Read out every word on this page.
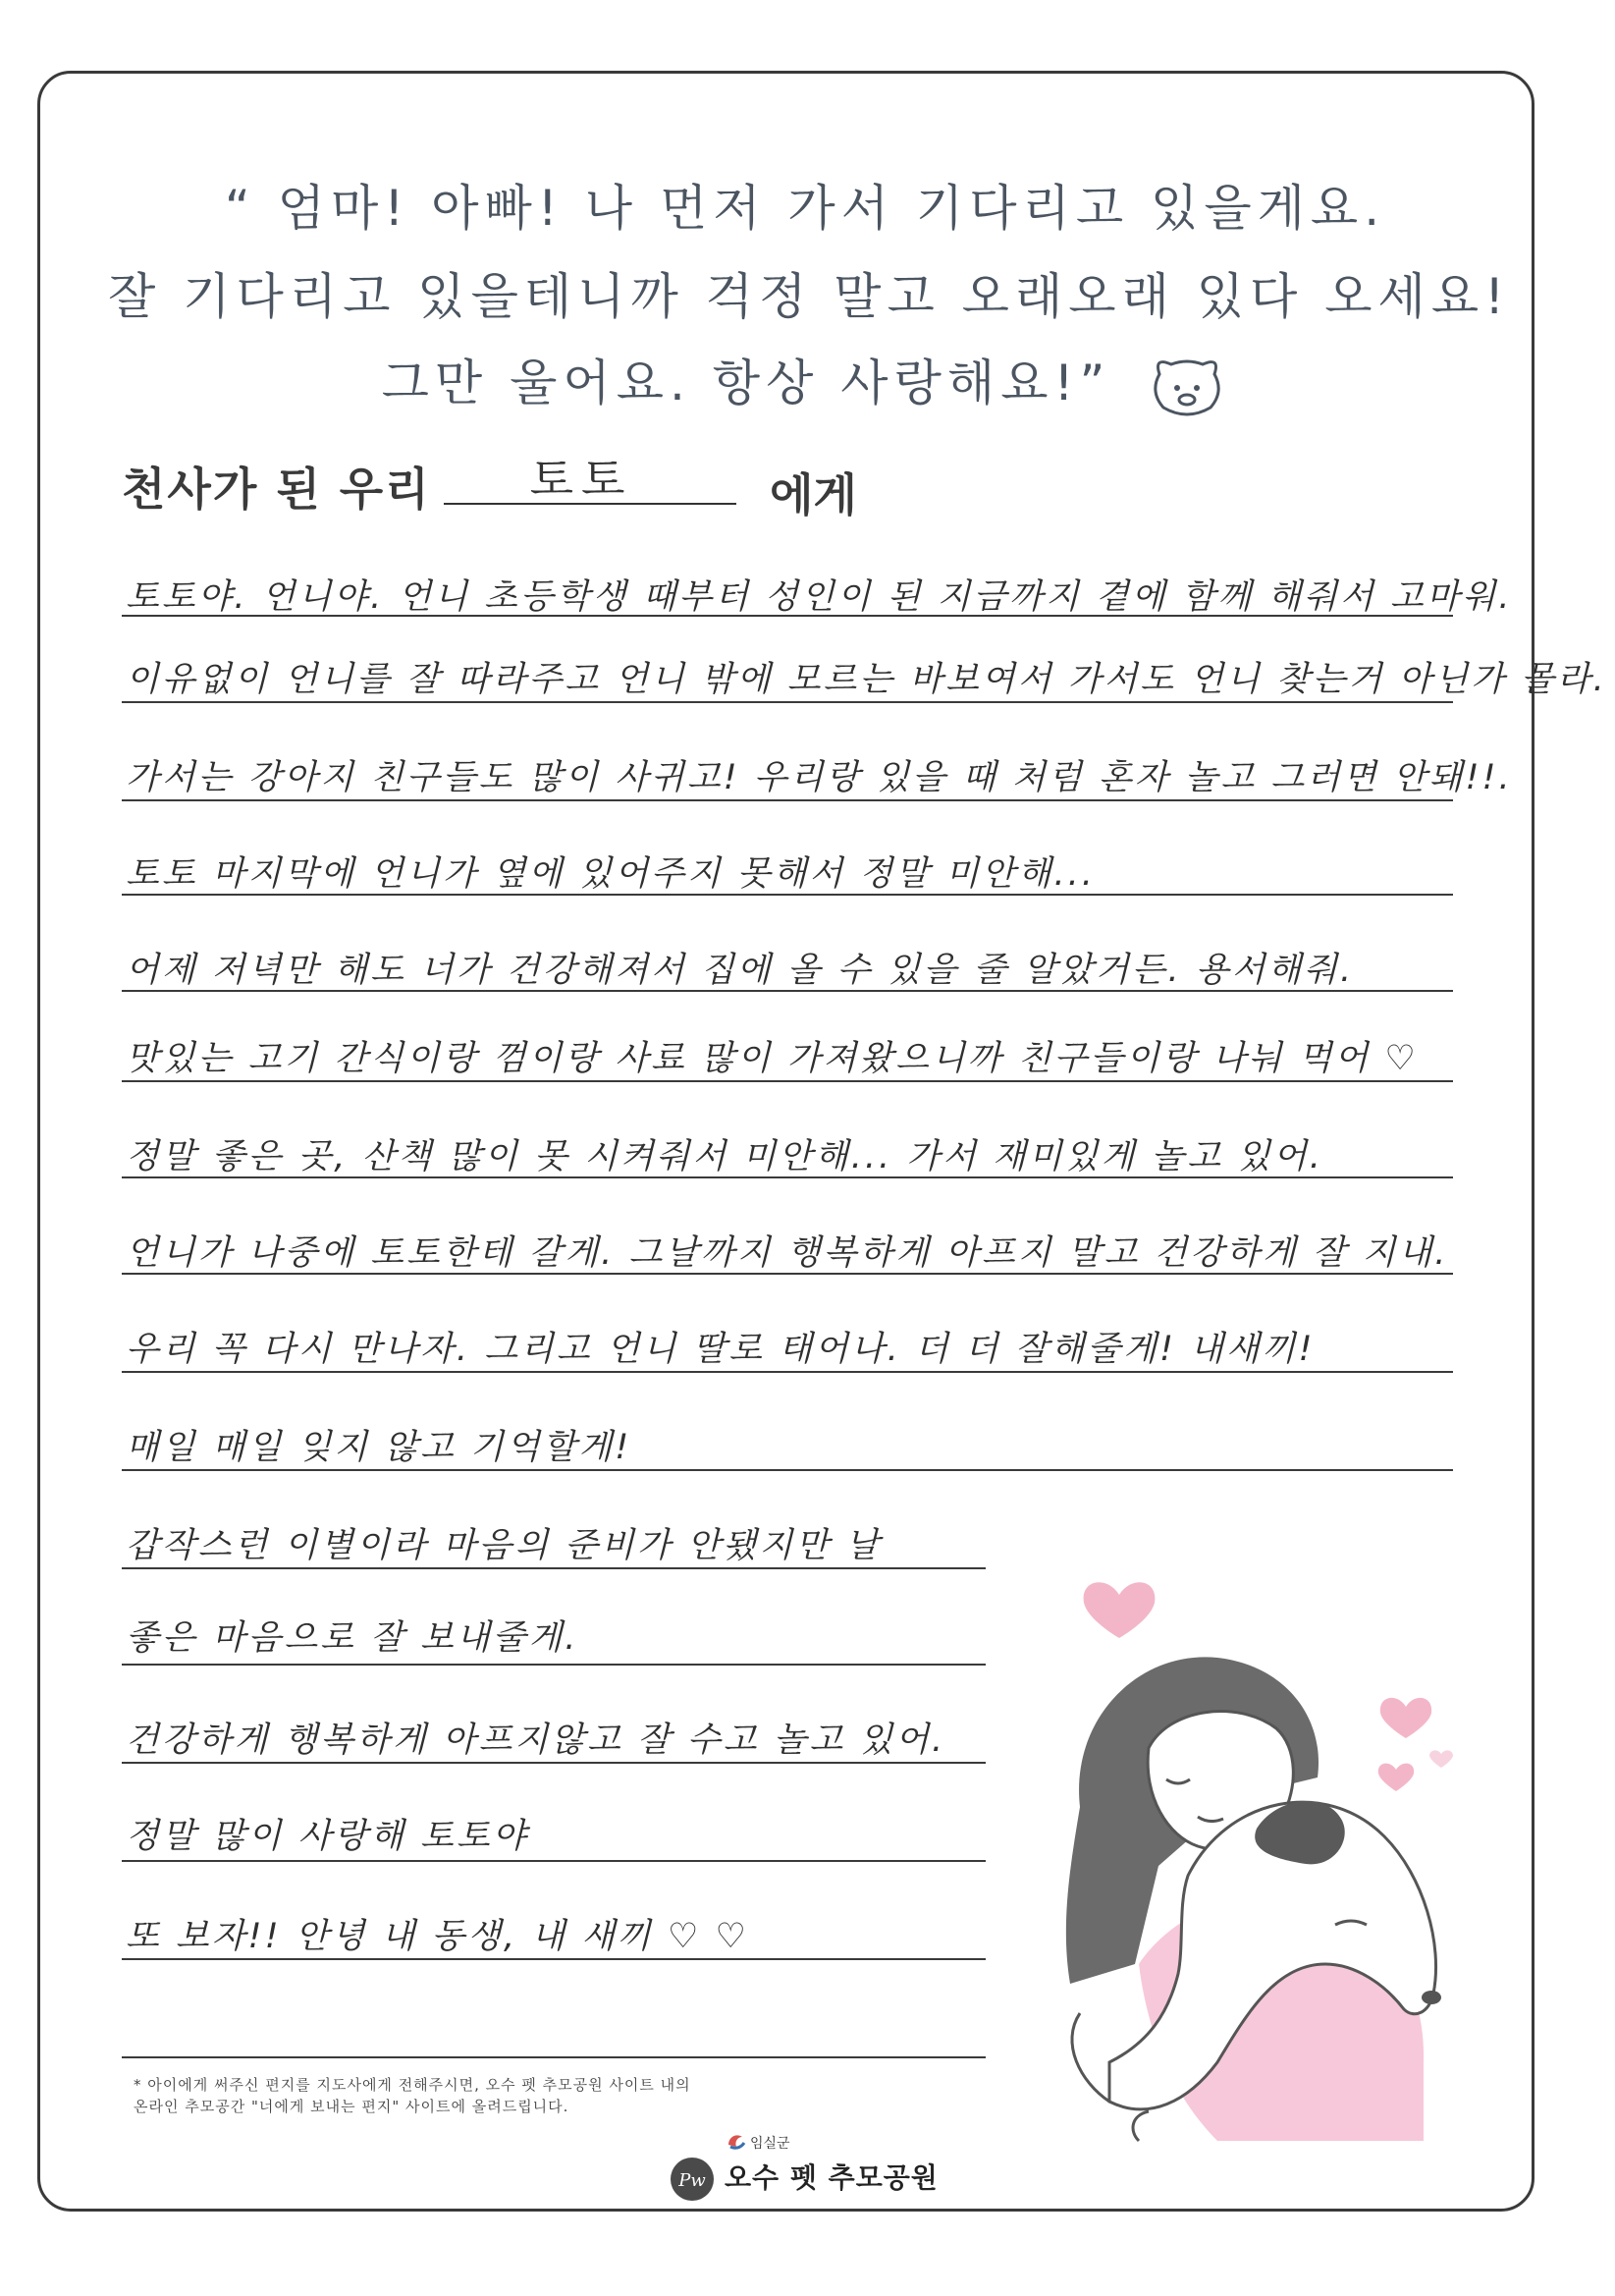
“ 엄마! 아빠! 나 먼저 가서 기다리고 있을게요.
잘 기다리고 있을테니까 걱정 말고 오래오래 있다 오세요!
그만 울어요. 항상 사랑해요!”
천사가 된 우리	토토	에게
토토야. 언니야. 언니 초등학생 때부터 성인이 된 지금까지 곁에 함께 해줘서 고마워.
이유없이 언니를 잘 따라주고 언니 밖에 모르는 바보여서 가서도 언니 찾는거 아닌가 몰라.
가서는 강아지 친구들도 많이 사귀고! 우리랑 있을 때 처럼 혼자 놀고 그러면 안돼!!.
토토 마지막에 언니가 옆에 있어주지 못해서 정말 미안해...
어제 저녁만 해도 너가 건강해져서 집에 올 수 있을 줄 알았거든. 용서해줘.
맛있는 고기 간식이랑 껌이랑 사료 많이 가져왔으니까 친구들이랑 나눠 먹어 ♡
정말 좋은 곳, 산책 많이 못 시켜줘서 미안해... 가서 재미있게 놀고 있어.
언니가 나중에 토토한테 갈게. 그날까지 행복하게 아프지 말고 건강하게 잘 지내.
우리 꼭 다시 만나자. 그리고 언니 딸로 태어나. 더 더 잘해줄게! 내새끼!
매일 매일 잊지 않고 기억할게!
갑작스런 이별이라 마음의 준비가 안됐지만 날
좋은 마음으로 잘 보내줄게.
건강하게 행복하게 아프지않고 잘 수고 놀고 있어.
정말 많이 사랑해 토토야
또 보자!! 안녕 내 동생, 내 새끼 ♡ ♡
* 아이에게 써주신 편지를 지도사에게 전해주시면, 오수 펫 추모공원 사이트 내의
온라인 추모공간 "너에게 보내는 편지" 사이트에 올려드립니다.
Pw
임실군
오수 펫 추모공원
